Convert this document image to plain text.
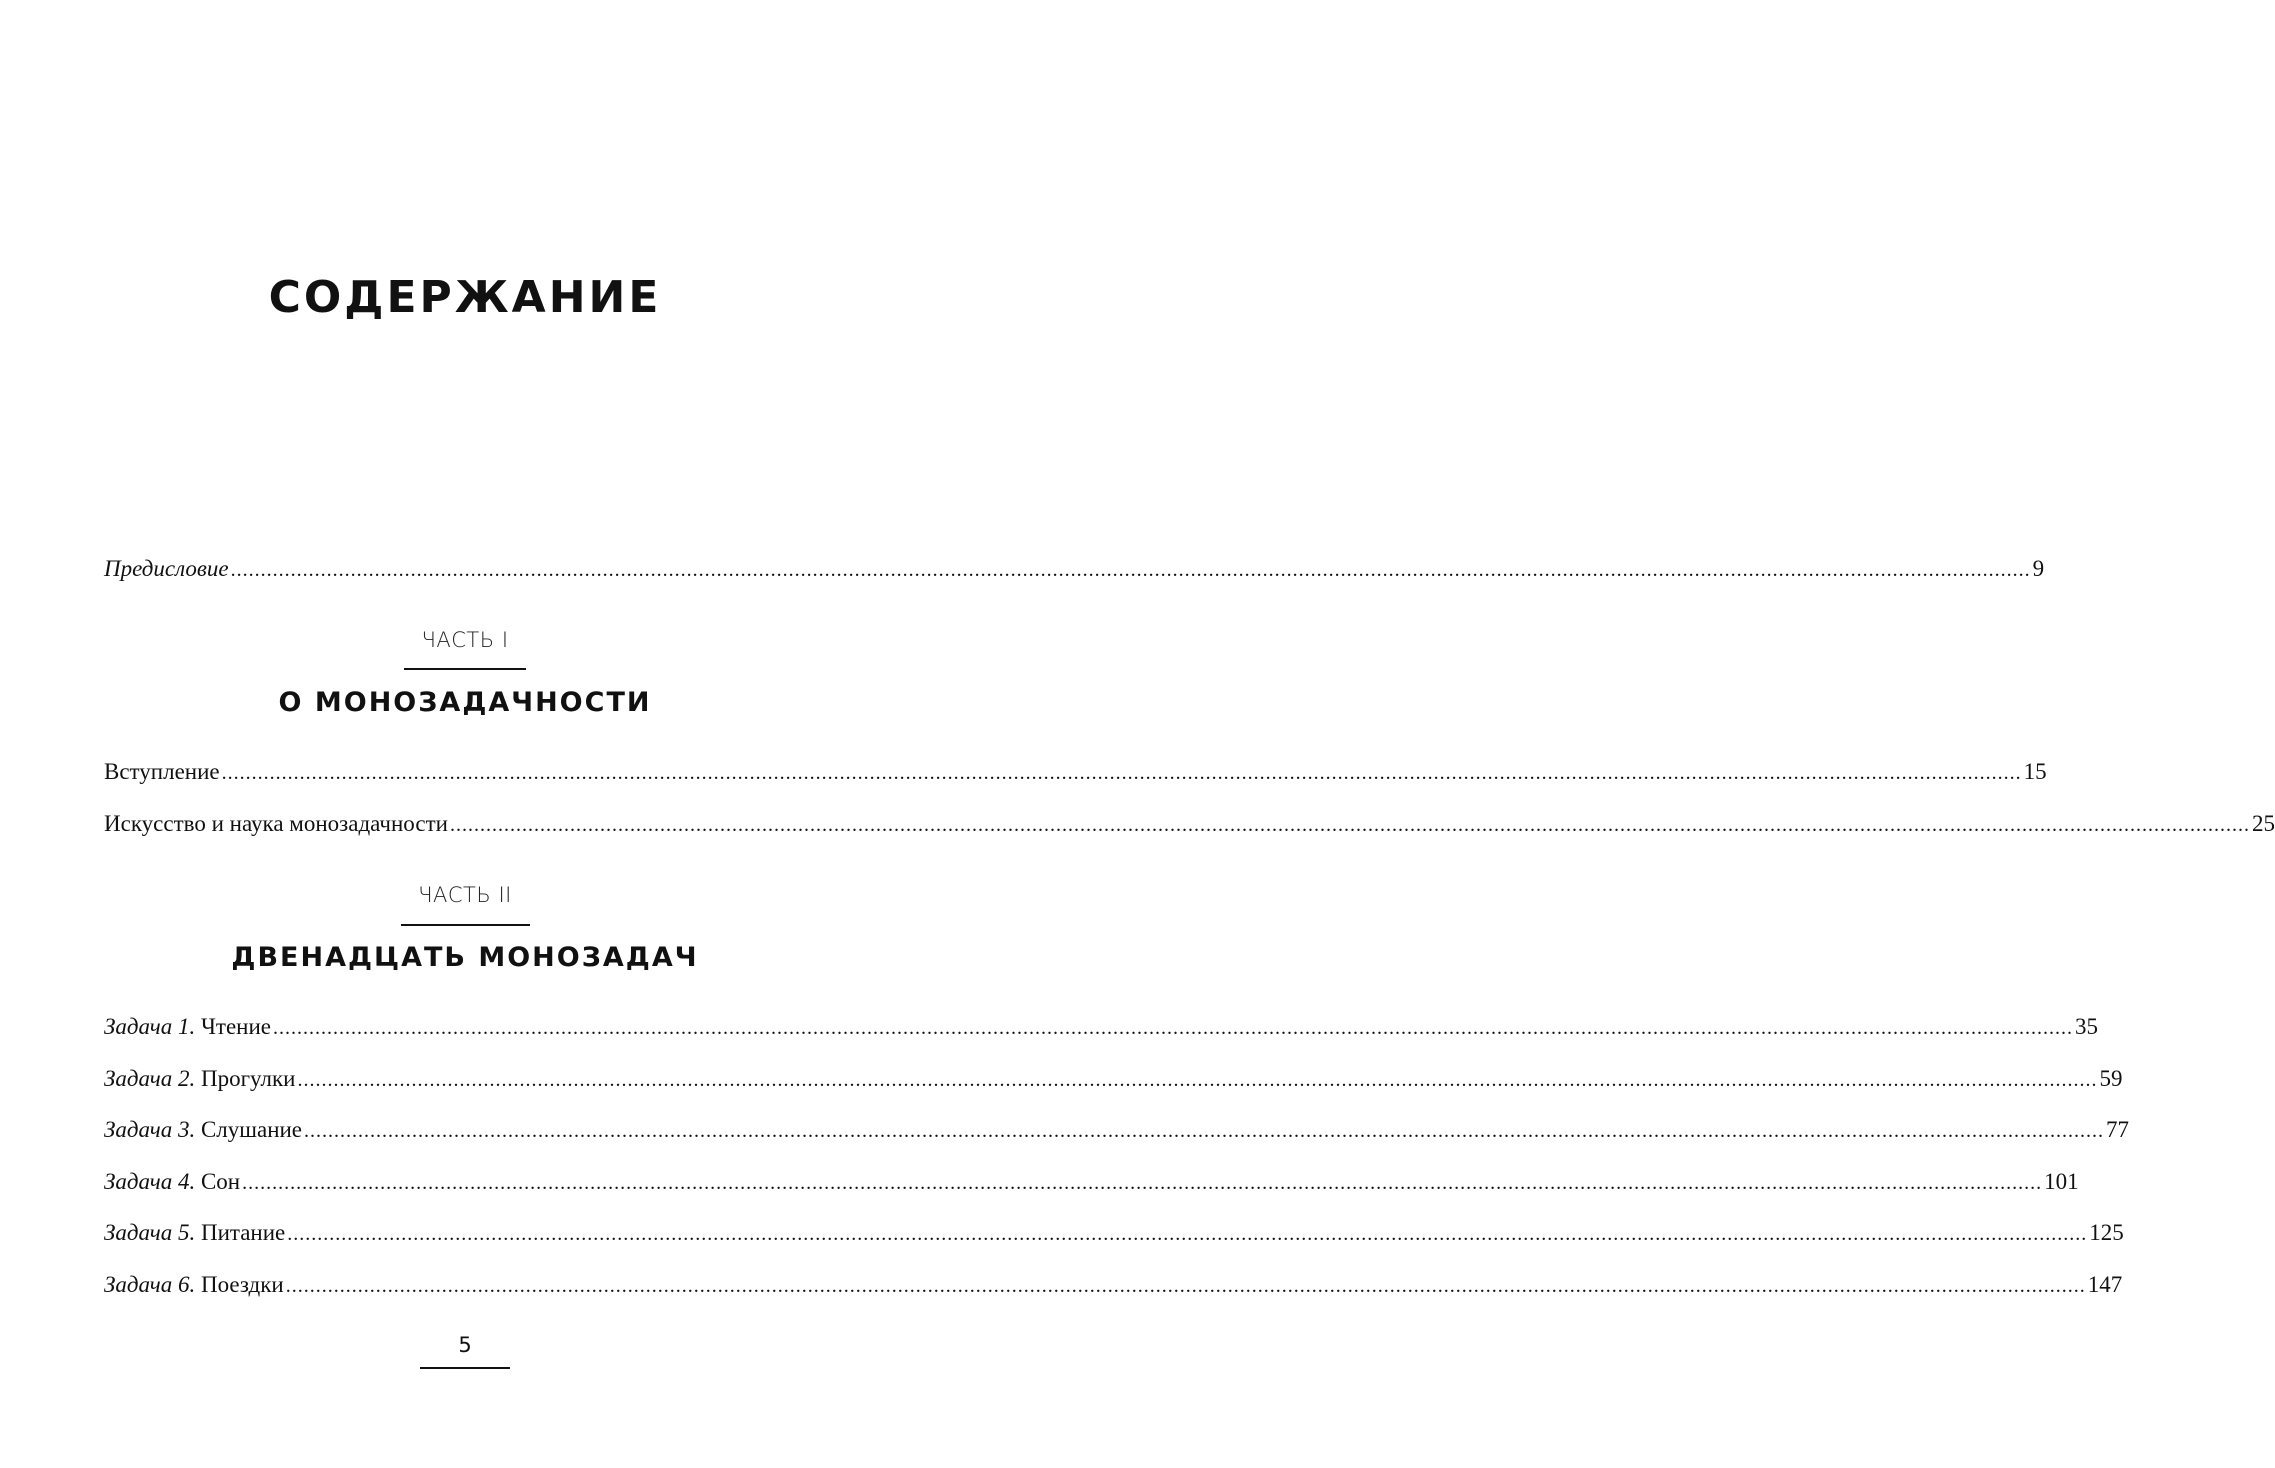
СОДЕРЖАНИЕ
Предисловие ............................................................................................................................................................................................................................................................................................................ 9
ЧАСТЬ I
О МОНОЗАДАЧНОСТИ
Вступление ............................................................................................................................................................................................................................................................................................................ 15
Искусство и наука монозадачности ............................................................................................................................................................................................................................................................................................................ 25
ЧАСТЬ II
ДВЕНАДЦАТЬ МОНОЗАДАЧ
Задача 1. Чтение ............................................................................................................................................................................................................................................................................................................ 35
Задача 2. Прогулки ............................................................................................................................................................................................................................................................................................................ 59
Задача 3. Слушание ............................................................................................................................................................................................................................................................................................................ 77
Задача 4. Сон ............................................................................................................................................................................................................................................................................................................ 101
Задача 5. Питание ............................................................................................................................................................................................................................................................................................................ 125
Задача 6. Поездки ............................................................................................................................................................................................................................................................................................................ 147
5
